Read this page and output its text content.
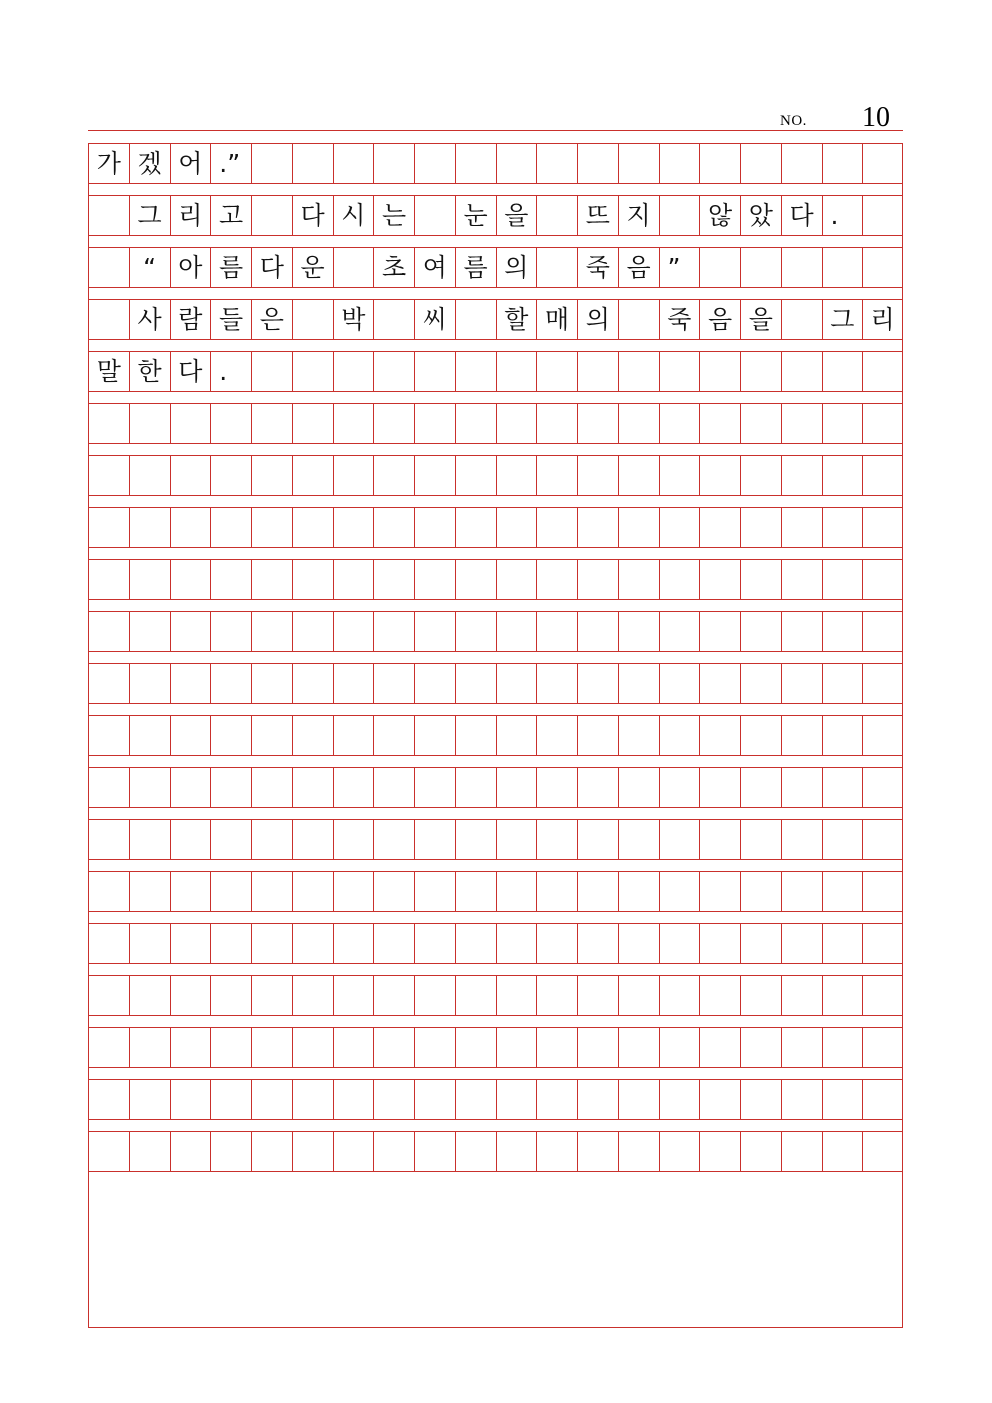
NO. 10
가 겠 어 .”
그 리 고	다 시 는	눈 을	뜨 지	않 았 다 .
“ 아 름 다 운	초 여 름 의	죽 음 ”
사 람 들 은	박	씨	할 매 의	죽 음 을	그 리
말 한 다 .
